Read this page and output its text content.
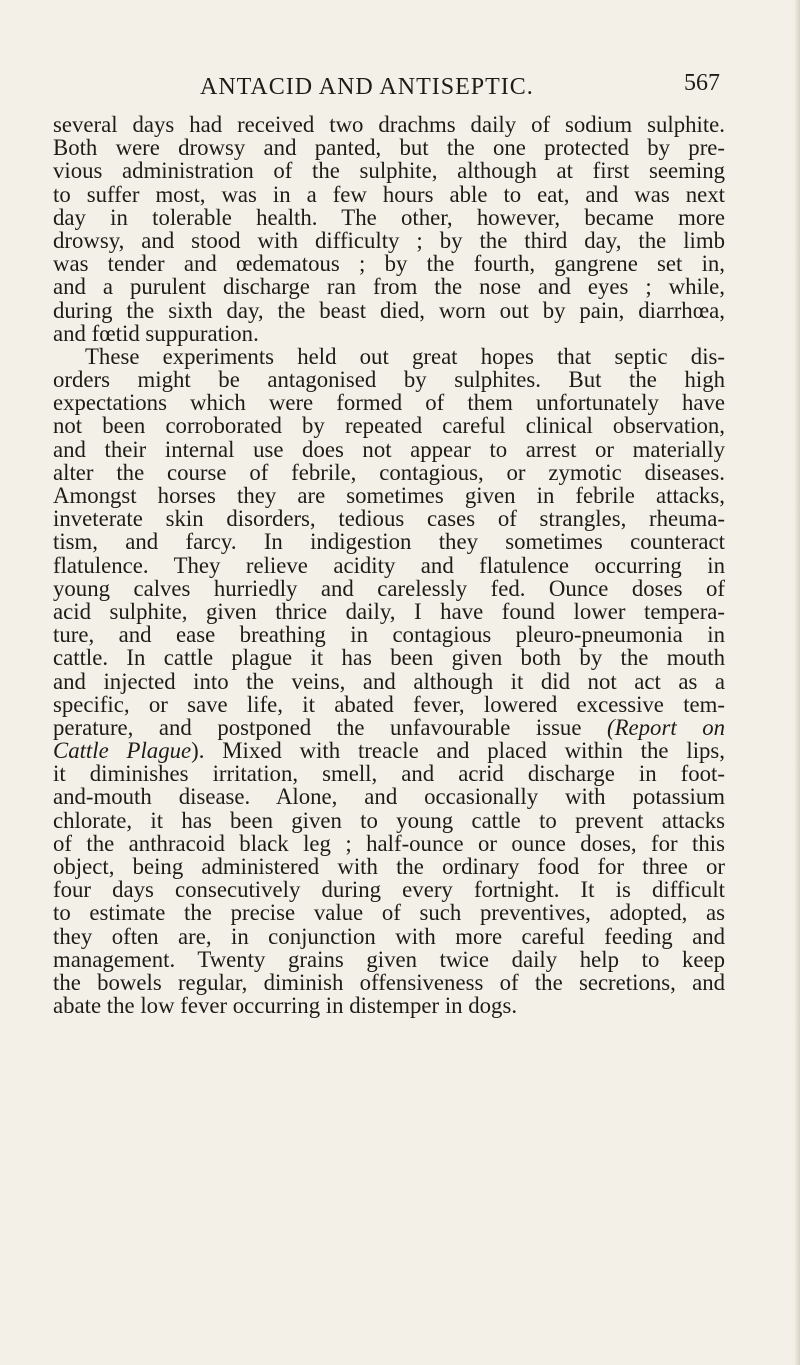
ANTACID AND ANTISEPTIC.	567
several days had received two drachms daily of sodium sulphite.
Both were drowsy and panted, but the one protected by pre-
vious administration of the sulphite, although at first seeming
to suffer most, was in a few hours able to eat, and was next
day in tolerable health. The other, however, became more
drowsy, and stood with difficulty ; by the third day, the limb
was tender and œdematous ; by the fourth, gangrene set in,
and a purulent discharge ran from the nose and eyes ; while,
during the sixth day, the beast died, worn out by pain, diarrhœa,
and fœtid suppuration.
These experiments held out great hopes that septic dis-
orders might be antagonised by sulphites. But the high
expectations which were formed of them unfortunately have
not been corroborated by repeated careful clinical observation,
and their internal use does not appear to arrest or materially
alter the course of febrile, contagious, or zymotic diseases.
Amongst horses they are sometimes given in febrile attacks,
inveterate skin disorders, tedious cases of strangles, rheuma-
tism, and farcy. In indigestion they sometimes counteract
flatulence. They relieve acidity and flatulence occurring in
young calves hurriedly and carelessly fed. Ounce doses of
acid sulphite, given thrice daily, I have found lower tempera-
ture, and ease breathing in contagious pleuro-pneumonia in
cattle. In cattle plague it has been given both by the mouth
and injected into the veins, and although it did not act as a
specific, or save life, it abated fever, lowered excessive tem-
perature, and postponed the unfavourable issue (Report on
Cattle Plague). Mixed with treacle and placed within the lips,
it diminishes irritation, smell, and acrid discharge in foot-
and-mouth disease. Alone, and occasionally with potassium
chlorate, it has been given to young cattle to prevent attacks
of the anthracoid black leg ; half-ounce or ounce doses, for this
object, being administered with the ordinary food for three or
four days consecutively during every fortnight. It is difficult
to estimate the precise value of such preventives, adopted, as
they often are, in conjunction with more careful feeding and
management. Twenty grains given twice daily help to keep
the bowels regular, diminish offensiveness of the secretions, and
abate the low fever occurring in distemper in dogs.
